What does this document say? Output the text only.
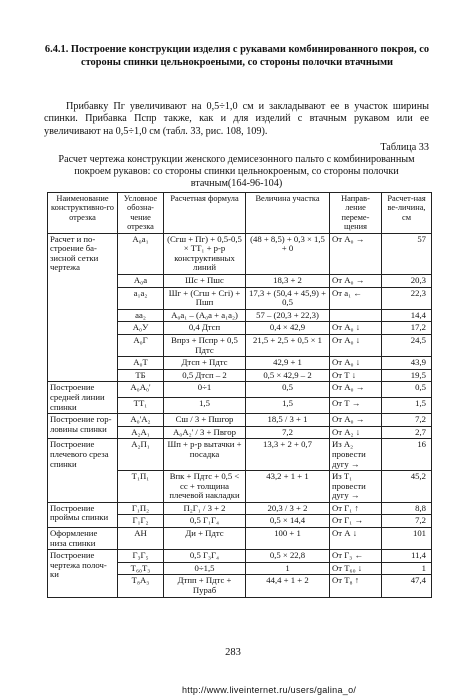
6.4.1. Построение конструкции изделия с рукавами комбинированного покроя, со стороны спинки цельнокроеными, со стороны полочки втачными
Прибавку Пг увеличивают на 0,5÷1,0 см и закладывают ее в участок ширины спинки. Прибавка Пспр также, как и для изделий с втачным рукавом или ее увеличивают на 0,5÷1,0 см (табл. 33, рис. 108, 109).
Таблица 33
Расчет чертежа конструкции женского демисезонного пальто с комбинированным покроем рукавов: со стороны спинки цельнокроеным, со стороны полочки втачным(164-96-104)
Наименование конструктивно-го отрезка	Условное обозна-чение отрезка	Расчетная формула	Величина участка	Направ-ление переме-щения	Расчет-ная ве-личина, см
Расчет и по-строение ба-зисной сетки чертежа	А₀а₁	(Сгш + Пг) + 0,5-0,5 × ТТ₁ + р-р конструктивных линий	(48 + 8,5) + 0,3 × 1,5 + 0	От А₀ →	57
	А₀а	Шс + Пшс	18,3 + 2	От А₀ →	20,3
	а₁а₂	Шг + (Сгш + Сгі) + Пшп	17,3 + (50,4 + 45,9) + 0,5	От а₁ ←	22,3
	аа₂	А₀а₁ – (А₀а + а₁а₂)	57 – (20,3 + 22,3)		14,4
	А₀У	0,4 Дтсп	0,4 × 42,9	От А₀ ↓	17,2
	А₀Г	Впрз + Пспр + 0,5 Пдтс	21,5 + 2,5 + 0,5 × 1	От А₀ ↓	24,5
	А₀Т	Дтсп + Пдтс	42,9 + 1	От А₀ ↓	43,9
	ТБ	0,5 Дтсп – 2	0,5 × 42,9 – 2	От Т ↓	19,5
Построение средней линии спинки	А₀А₀'	0÷1	0,5	От А₀ →	0,5
	ТТ₁	1,5	1,5	От Т →	1,5
Построение гор-ловины спинки	А₀'А₂	Сш / 3 + Пшгор	18,5 / 3 + 1	От А₀ →	7,2
	А₂А₁	А₀А₂' / 3 + Пвгор	7,2	От А₂ ↓	2,7
Построение плечевого среза спинки	А₂П₁	Шп + р-р вытачки + посадка	13,3 + 2 + 0,7	Из А₂ провести дугу →	16
	Т₁П₁	Впк + Пдтс + 0,5 < сс + толщина плечевой накладки	43,2 + 1 + 1	Из Т₁ провести дугу →	45,2
Построение проймы спинки	Г₁П₂	П₂Г₁ / 3 + 2	20,3 / 3 + 2	От Г₁ ↑	8,8
	Г₁Г₂	0,5 Г₁Г₄	0,5 × 14,4	От Г₁ →	7,2
Оформление низа спинки	АН	Ди + Пдтс	100 + 1	От А ↓	101
Построение чертежа полоч-ки	Г₃Г₅	0,5 Г₃Г₄	0,5 × 22,8	От Г₃ ←	11,4
	Т₆₀Т₃	0÷1,5	1	От Т₆₀ ↓	1
	Т₈А₃	Дтпп + Пдтс + Пураб	44,4 + 1 + 2	От Т₈ ↑	47,4
283
http://www.liveinternet.ru/users/galina_o/
